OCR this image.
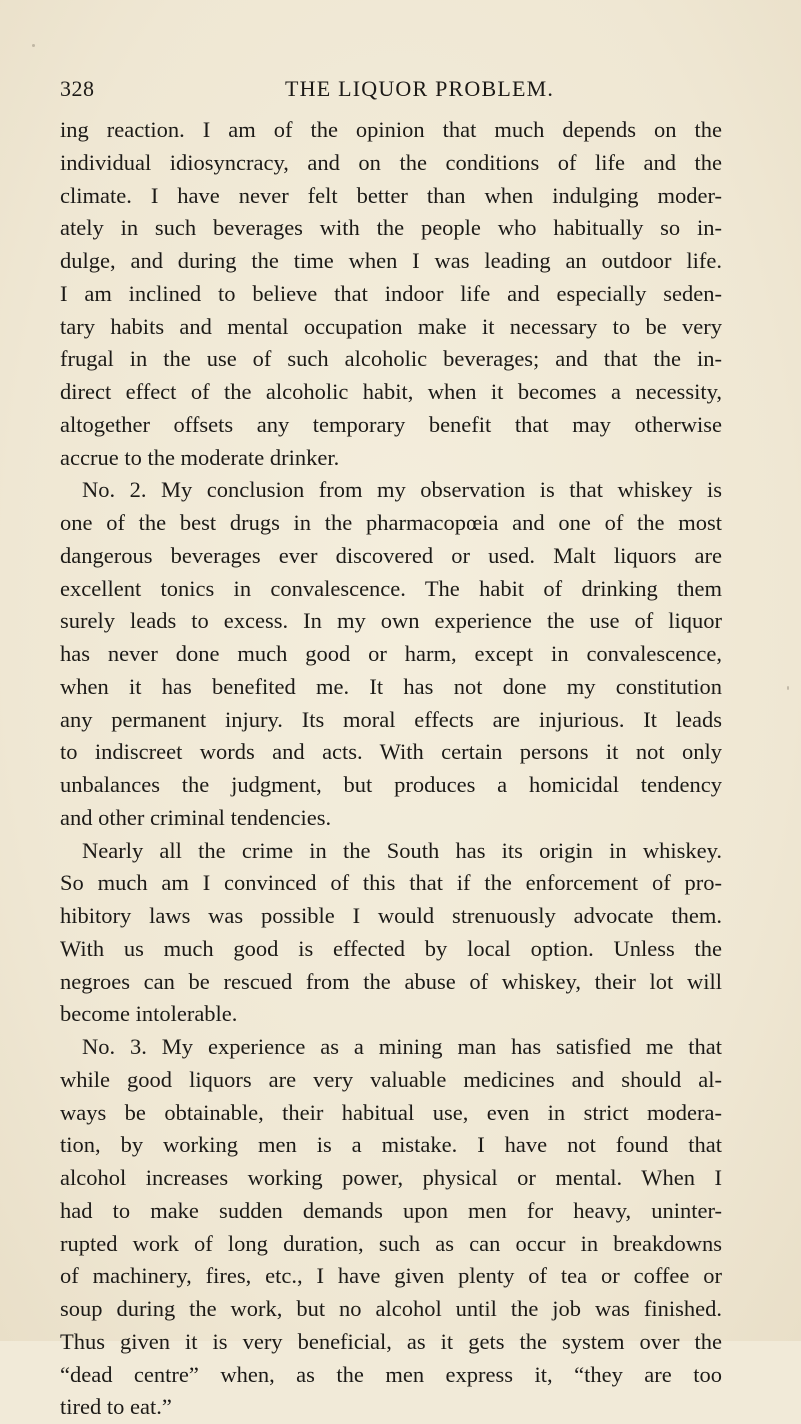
328	THE LIQUOR PROBLEM.
ing reaction. I am of the opinion that much depends on the
individual idiosyncracy, and on the conditions of life and the
climate. I have never felt better than when indulging moder-
ately in such beverages with the people who habitually so in-
dulge, and during the time when I was leading an outdoor life.
I am inclined to believe that indoor life and especially seden-
tary habits and mental occupation make it necessary to be very
frugal in the use of such alcoholic beverages; and that the in-
direct effect of the alcoholic habit, when it becomes a necessity,
altogether offsets any temporary benefit that may otherwise
accrue to the moderate drinker.
No. 2. My conclusion from my observation is that whiskey is
one of the best drugs in the pharmacopœia and one of the most
dangerous beverages ever discovered or used. Malt liquors are
excellent tonics in convalescence. The habit of drinking them
surely leads to excess. In my own experience the use of liquor
has never done much good or harm, except in convalescence,
when it has benefited me. It has not done my constitution
any permanent injury. Its moral effects are injurious. It leads
to indiscreet words and acts. With certain persons it not only
unbalances the judgment, but produces a homicidal tendency
and other criminal tendencies.
Nearly all the crime in the South has its origin in whiskey.
So much am I convinced of this that if the enforcement of pro-
hibitory laws was possible I would strenuously advocate them.
With us much good is effected by local option. Unless the
negroes can be rescued from the abuse of whiskey, their lot will
become intolerable.
No. 3. My experience as a mining man has satisfied me that
while good liquors are very valuable medicines and should al-
ways be obtainable, their habitual use, even in strict modera-
tion, by working men is a mistake. I have not found that
alcohol increases working power, physical or mental. When I
had to make sudden demands upon men for heavy, uninter-
rupted work of long duration, such as can occur in breakdowns
of machinery, fires, etc., I have given plenty of tea or coffee or
soup during the work, but no alcohol until the job was finished.
Thus given it is very beneficial, as it gets the system over the
“dead centre” when, as the men express it, “they are too
tired to eat.”
